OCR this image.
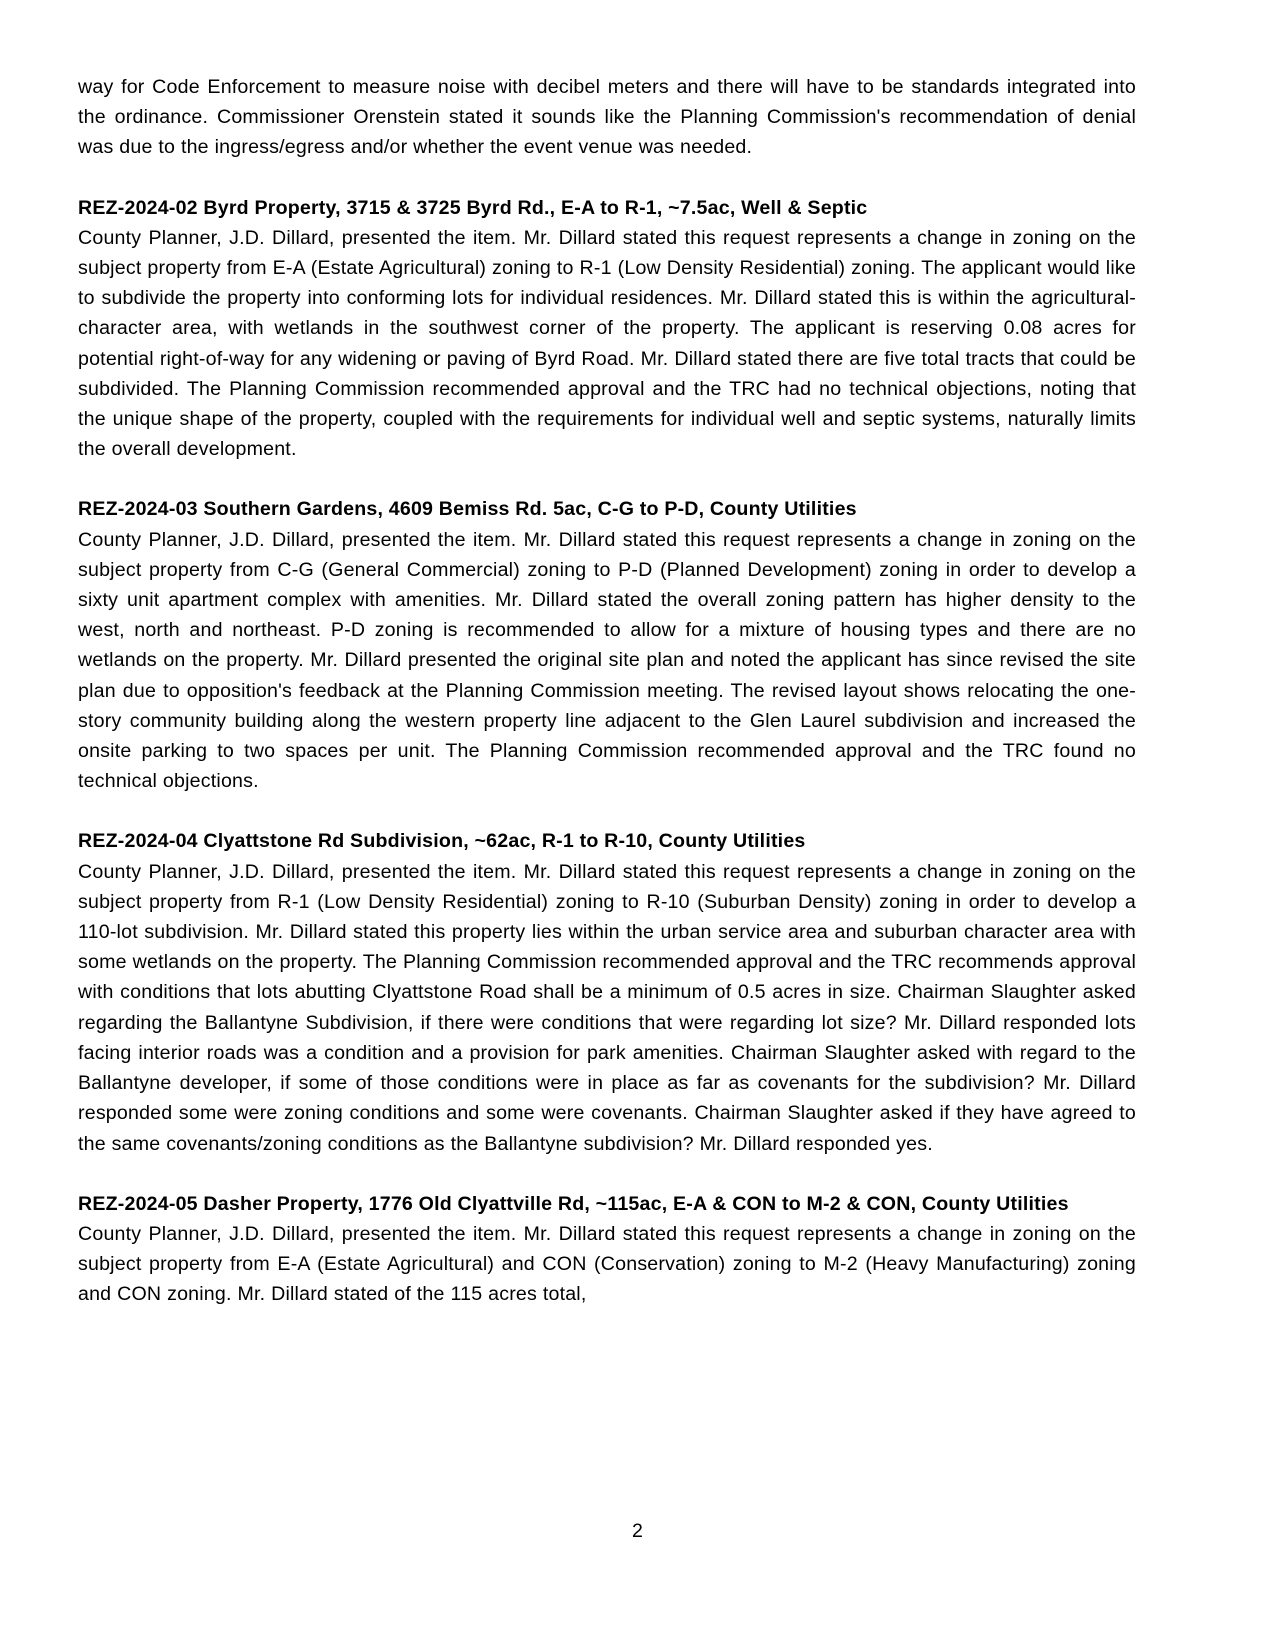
way for Code Enforcement to measure noise with decibel meters and there will have to be standards integrated into the ordinance. Commissioner Orenstein stated it sounds like the Planning Commission's recommendation of denial was due to the ingress/egress and/or whether the event venue was needed.

REZ-2024-02 Byrd Property, 3715 & 3725 Byrd Rd., E-A to R-1, ~7.5ac, Well & Septic

County Planner, J.D. Dillard, presented the item. Mr. Dillard stated this request represents a change in zoning on the subject property from E-A (Estate Agricultural) zoning to R-1 (Low Density Residential) zoning. The applicant would like to subdivide the property into conforming lots for individual residences. Mr. Dillard stated this is within the agricultural-character area, with wetlands in the southwest corner of the property. The applicant is reserving 0.08 acres for potential right-of-way for any widening or paving of Byrd Road. Mr. Dillard stated there are five total tracts that could be subdivided. The Planning Commission recommended approval and the TRC had no technical objections, noting that the unique shape of the property, coupled with the requirements for individual well and septic systems, naturally limits the overall development.

REZ-2024-03 Southern Gardens, 4609 Bemiss Rd. 5ac, C-G to P-D, County Utilities

County Planner, J.D. Dillard, presented the item. Mr. Dillard stated this request represents a change in zoning on the subject property from C-G (General Commercial) zoning to P-D (Planned Development) zoning in order to develop a sixty unit apartment complex with amenities. Mr. Dillard stated the overall zoning pattern has higher density to the west, north and northeast. P-D zoning is recommended to allow for a mixture of housing types and there are no wetlands on the property. Mr. Dillard presented the original site plan and noted the applicant has since revised the site plan due to opposition's feedback at the Planning Commission meeting. The revised layout shows relocating the one-story community building along the western property line adjacent to the Glen Laurel subdivision and increased the onsite parking to two spaces per unit. The Planning Commission recommended approval and the TRC found no technical objections.

REZ-2024-04 Clyattstone Rd Subdivision, ~62ac, R-1 to R-10, County Utilities

County Planner, J.D. Dillard, presented the item. Mr. Dillard stated this request represents a change in zoning on the subject property from R-1 (Low Density Residential) zoning to R-10 (Suburban Density) zoning in order to develop a 110-lot subdivision. Mr. Dillard stated this property lies within the urban service area and suburban character area with some wetlands on the property. The Planning Commission recommended approval and the TRC recommends approval with conditions that lots abutting Clyattstone Road shall be a minimum of 0.5 acres in size. Chairman Slaughter asked regarding the Ballantyne Subdivision, if there were conditions that were regarding lot size? Mr. Dillard responded lots facing interior roads was a condition and a provision for park amenities. Chairman Slaughter asked with regard to the Ballantyne developer, if some of those conditions were in place as far as covenants for the subdivision? Mr. Dillard responded some were zoning conditions and some were covenants. Chairman Slaughter asked if they have agreed to the same covenants/zoning conditions as the Ballantyne subdivision? Mr. Dillard responded yes.

REZ-2024-05 Dasher Property, 1776 Old Clyattville Rd, ~115ac, E-A & CON to M-2 & CON, County Utilities

County Planner, J.D. Dillard, presented the item. Mr. Dillard stated this request represents a change in zoning on the subject property from E-A (Estate Agricultural) and CON (Conservation) zoning to M-2 (Heavy Manufacturing) zoning and CON zoning. Mr. Dillard stated of the 115 acres total,

2
